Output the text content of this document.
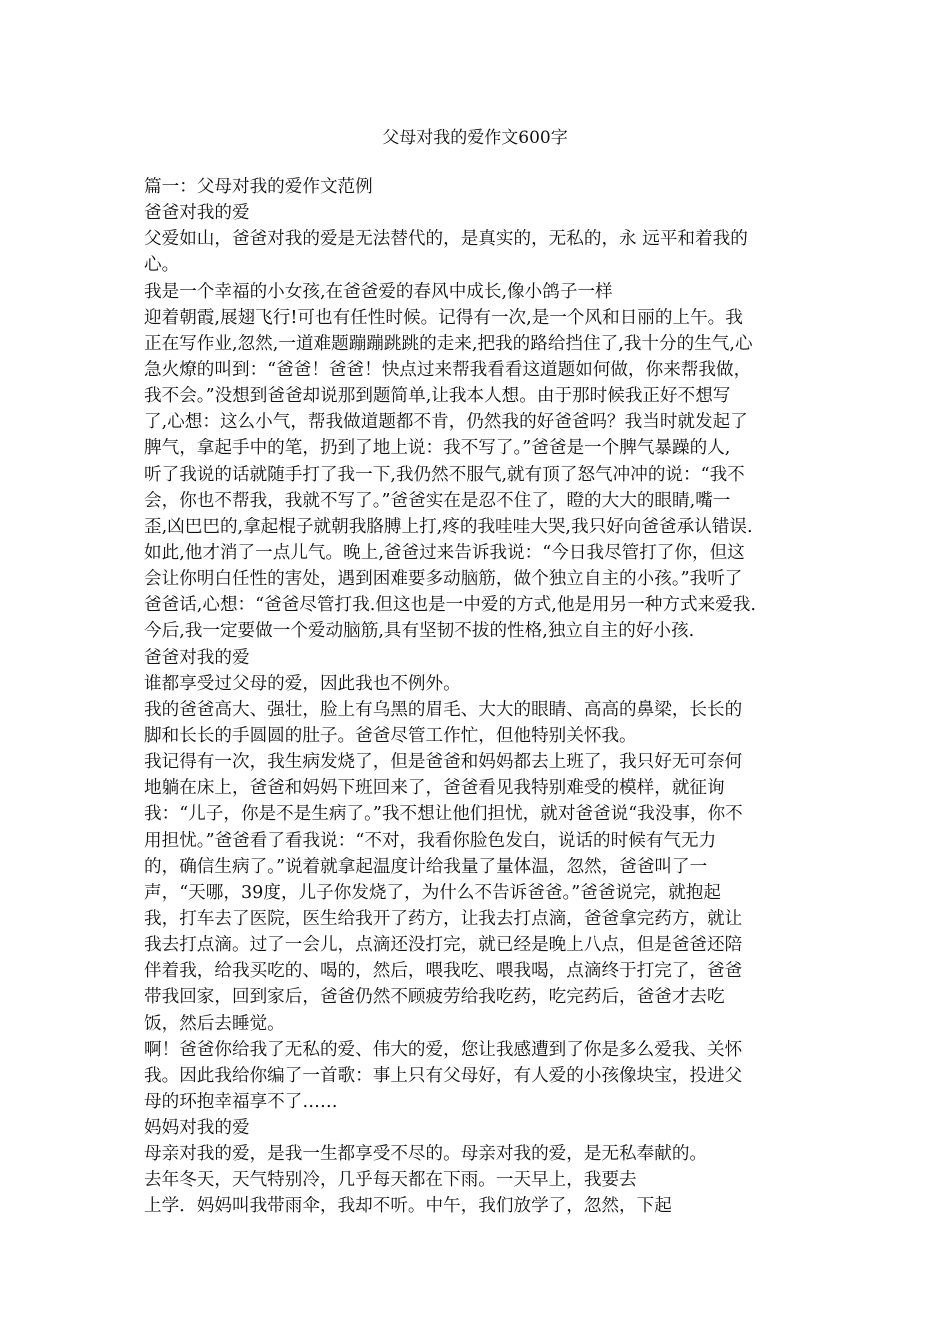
父母对我的爱作文600字
篇一：父母对我的爱作文范例
爸爸对我的爱
父爱如山，爸爸对我的爱是无法替代的，是真实的，无私的，永 远平和着我的
心。
我是一个幸福的小女孩,在爸爸爱的春风中成长,像小鸽子一样
迎着朝霞,展翅飞行!可也有任性时候。记得有一次,是一个风和日丽的上午。我
正在写作业,忽然,一道难题蹦蹦跳跳的走来,把我的路给挡住了,我十分的生气,心
急火燎的叫到：“爸爸！爸爸！快点过来帮我看看这道题如何做，你来帮我做，
我不会。”没想到爸爸却说那到题简单,让我本人想。由于那时候我正好不想写
了,心想：这么小气，帮我做道题都不肯，仍然我的好爸爸吗？我当时就发起了
脾气，拿起手中的笔，扔到了地上说：我不写了。”爸爸是一个脾气暴躁的人,
听了我说的话就随手打了我一下,我仍然不服气,就有顶了怒气冲冲的说：“我不
会，你也不帮我，我就不写了。”爸爸实在是忍不住了，瞪的大大的眼睛,嘴一
歪,凶巴巴的,拿起棍子就朝我胳膊上打,疼的我哇哇大哭,我只好向爸爸承认错误.
如此,他才消了一点儿气。晚上,爸爸过来告诉我说：“今日我尽管打了你，但这
会让你明白任性的害处，遇到困难要多动脑筋，做个独立自主的小孩。”我听了
爸爸话,心想：“爸爸尽管打我.但这也是一中爱的方式,他是用另一种方式来爱我.
今后,我一定要做一个爱动脑筋,具有坚韧不拔的性格,独立自主的好小孩.
爸爸对我的爱
谁都享受过父母的爱，因此我也不例外。
我的爸爸高大、强壮，脸上有乌黑的眉毛、大大的眼睛、高高的鼻梁，长长的
脚和长长的手圆圆的肚子。爸爸尽管工作忙，但他特别关怀我。
我记得有一次，我生病发烧了，但是爸爸和妈妈都去上班了，我只好无可奈何
地躺在床上，爸爸和妈妈下班回来了，爸爸看见我特别难受的模样，就征询
我：“儿子，你是不是生病了。”我不想让他们担忧，就对爸爸说“我没事，你不
用担忧。”爸爸看了看我说：“不对，我看你脸色发白，说话的时候有气无力
的，确信生病了。”说着就拿起温度计给我量了量体温，忽然，爸爸叫了一
声，“天哪，39度，儿子你发烧了，为什么不告诉爸爸。”爸爸说完，就抱起
我，打车去了医院，医生给我开了药方，让我去打点滴，爸爸拿完药方，就让
我去打点滴。过了一会儿，点滴还没打完，就已经是晚上八点，但是爸爸还陪
伴着我，给我买吃的、喝的，然后，喂我吃、喂我喝，点滴终于打完了，爸爸
带我回家，回到家后，爸爸仍然不顾疲劳给我吃药，吃完药后，爸爸才去吃
饭，然后去睡觉。
啊！爸爸你给我了无私的爱、伟大的爱，您让我感遭到了你是多么爱我、关怀
我。因此我给你编了一首歌：事上只有父母好，有人爱的小孩像块宝，投进父
母的环抱幸福享不了……
妈妈对我的爱
母亲对我的爱，是我一生都享受不尽的。母亲对我的爱，是无私奉献的。
去年冬天，天气特别冷，几乎每天都在下雨。一天早上，我要去
上学．妈妈叫我带雨伞，我却不听。中午，我们放学了，忽然，下起
